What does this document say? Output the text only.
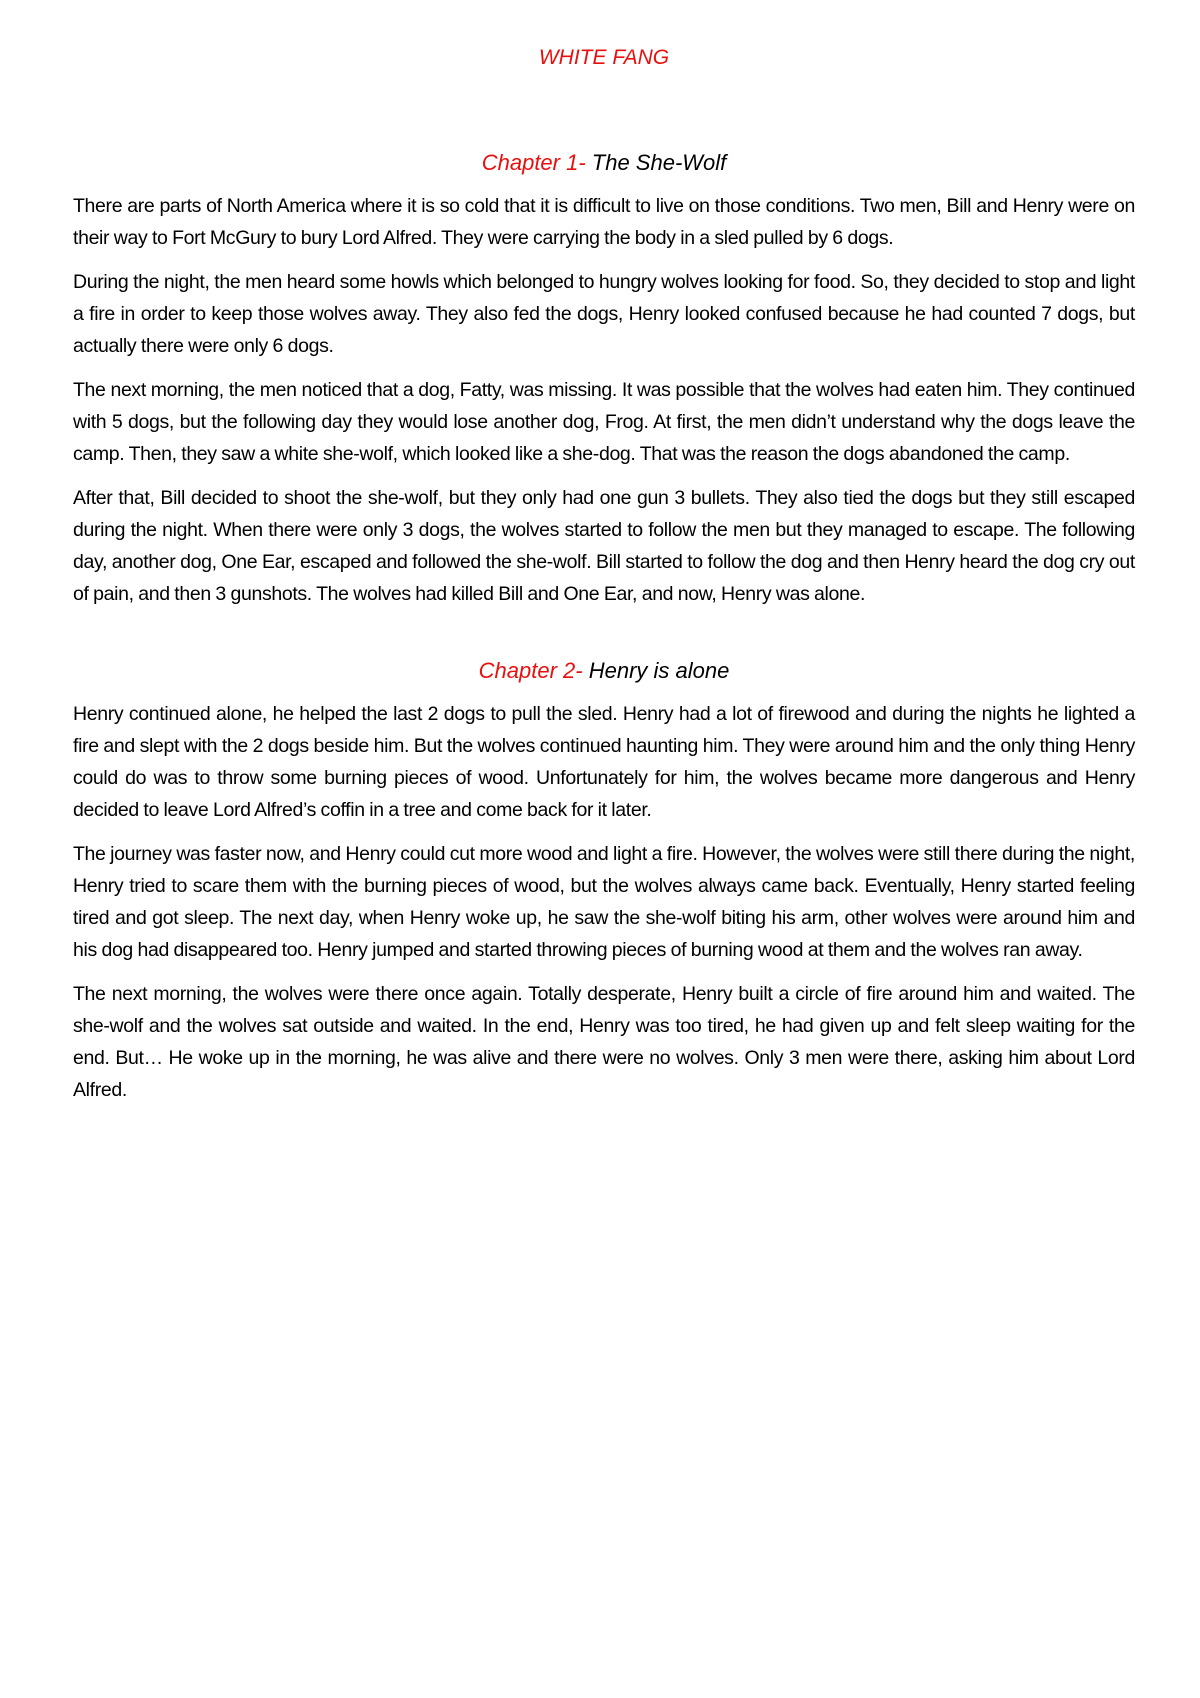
WHITE FANG
Chapter 1- The She-Wolf

There are parts of North America where it is so cold that it is difficult to live on those conditions. Two men, Bill and Henry were on their way to Fort McGury to bury Lord Alfred. They were carrying the body in a sled pulled by 6 dogs.

During the night, the men heard some howls which belonged to hungry wolves looking for food. So, they decided to stop and light a fire in order to keep those wolves away. They also fed the dogs, Henry looked confused because he had counted 7 dogs, but actually there were only 6 dogs.

The next morning, the men noticed that a dog, Fatty, was missing. It was possible that the wolves had eaten him. They continued with 5 dogs, but the following day they would lose another dog, Frog. At first, the men didn’t understand why the dogs leave the camp. Then, they saw a white she-wolf, which looked like a she-dog. That was the reason the dogs abandoned the camp.

After that, Bill decided to shoot the she-wolf, but they only had one gun 3 bullets. They also tied the dogs but they still escaped during the night. When there were only 3 dogs, the wolves started to follow the men but they managed to escape. The following day, another dog, One Ear, escaped and followed the she-wolf. Bill started to follow the dog and then Henry heard the dog cry out of pain, and then 3 gunshots. The wolves had killed Bill and One Ear, and now, Henry was alone.

Chapter 2- Henry is alone

Henry continued alone, he helped the last 2 dogs to pull the sled. Henry had a lot of firewood and during the nights he lighted a fire and slept with the 2 dogs beside him. But the wolves continued haunting him. They were around him and the only thing Henry could do was to throw some burning pieces of wood. Unfortunately for him, the wolves became more dangerous and Henry decided to leave Lord Alfred’s coffin in a tree and come back for it later.

The journey was faster now, and Henry could cut more wood and light a fire. However, the wolves were still there during the night, Henry tried to scare them with the burning pieces of wood, but the wolves always came back. Eventually, Henry started feeling tired and got sleep. The next day, when Henry woke up, he saw the she-wolf biting his arm, other wolves were around him and his dog had disappeared too. Henry jumped and started throwing pieces of burning wood at them and the wolves ran away.

The next morning, the wolves were there once again. Totally desperate, Henry built a circle of fire around him and waited. The she-wolf and the wolves sat outside and waited. In the end, Henry was too tired, he had given up and felt sleep waiting for the end. But… He woke up in the morning, he was alive and there were no wolves. Only 3 men were there, asking him about Lord Alfred.
